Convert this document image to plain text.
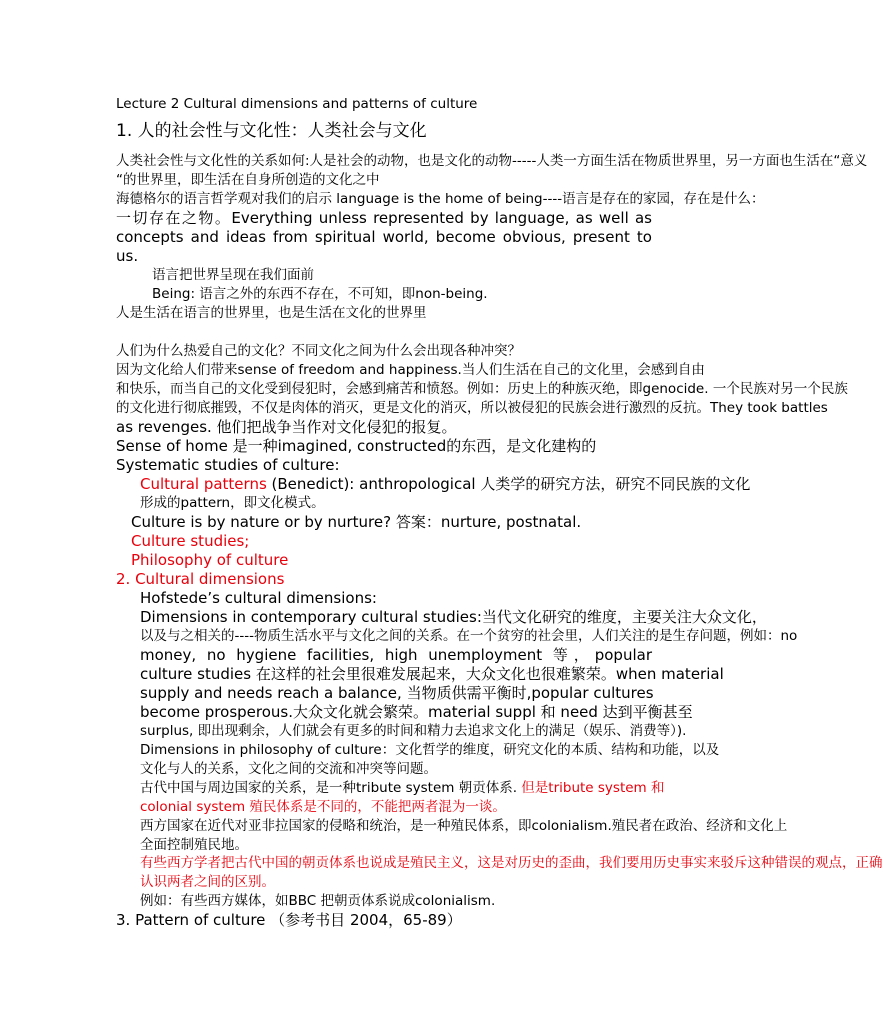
Lecture 2 Cultural dimensions and patterns of culture
1. 人的社会性与文化性：人类社会与文化
人类社会性与文化性的关系如何:人是社会的动物，也是文化的动物-----人类一方面生活在物质世界里，另一方面也生活在“意义
“的世界里，即生活在自身所创造的文化之中
海德格尔的语言哲学观对我们的启示 language is the home of being----语言是存在的家园，存在是什么：
一切存在之物。Everything unless represented by language, as well as
concepts and ideas from spiritual world, become obvious, present to
us.
语言把世界呈现在我们面前
Being: 语言之外的东西不存在，不可知，即non-being.
人是生活在语言的世界里，也是生活在文化的世界里
人们为什么热爱自己的文化？不同文化之间为什么会出现各种冲突？
因为文化给人们带来sense of freedom and happiness.当人们生活在自己的文化里，会感到自由
和快乐，而当自己的文化受到侵犯时，会感到痛苦和愤怒。例如：历史上的种族灭绝，即genocide. 一个民族对另一个民族
的文化进行彻底摧毁，不仅是肉体的消灭，更是文化的消灭，所以被侵犯的民族会进行激烈的反抗。They took battles
as revenges. 他们把战争当作对文化侵犯的报复。
Sense of home 是一种imagined, constructed的东西，是文化建构的
Systematic studies of culture:
Cultural patterns (Benedict): anthropological 人类学的研究方法，研究不同民族的文化
形成的pattern，即文化模式。
Culture is by nature or by nurture? 答案：nurture, postnatal.
Culture studies;
Philosophy of culture
2. Cultural dimensions
Hofstede’s cultural dimensions:
Dimensions in contemporary cultural studies:当代文化研究的维度，主要关注大众文化，
以及与之相关的----物质生活水平与文化之间的关系。在一个贫穷的社会里，人们关注的是生存问题，例如：no
money, no hygiene facilities, high unemployment 等，popular
culture studies 在这样的社会里很难发展起来，大众文化也很难繁荣。when material
supply and needs reach a balance, 当物质供需平衡时,popular cultures
become prosperous.大众文化就会繁荣。material suppl 和 need 达到平衡甚至
surplus, 即出现剩余，人们就会有更多的时间和精力去追求文化上的满足（娱乐、消费等）).
Dimensions in philosophy of culture：文化哲学的维度，研究文化的本质、结构和功能，以及
文化与人的关系，文化之间的交流和冲突等问题。
古代中国与周边国家的关系，是一种tribute system 朝贡体系. 但是tribute system 和
colonial system 殖民体系是不同的，不能把两者混为一谈。
西方国家在近代对亚非拉国家的侵略和统治，是一种殖民体系，即colonialism.殖民者在政治、经济和文化上
全面控制殖民地。
有些西方学者把古代中国的朝贡体系也说成是殖民主义，这是对历史的歪曲，我们要用历史事实来驳斥这种错误的观点，正确
认识两者之间的区别。
例如：有些西方媒体，如BBC 把朝贡体系说成colonialism.
3. Pattern of culture （参考书目 2004，65-89）
